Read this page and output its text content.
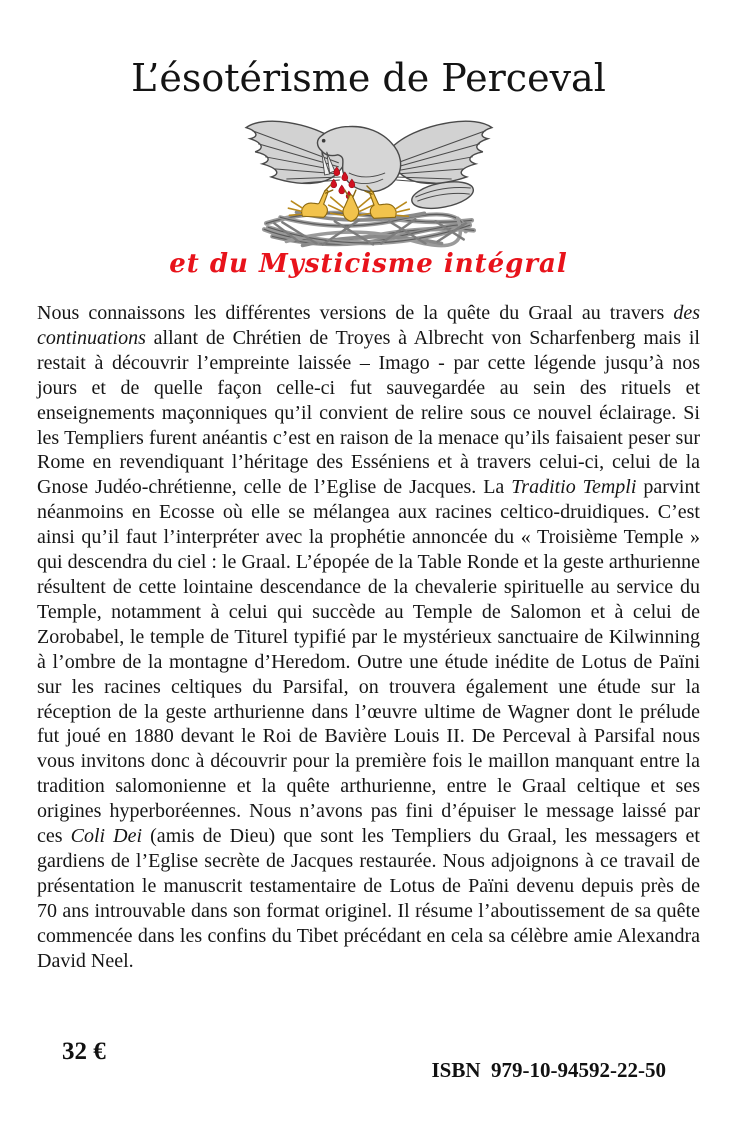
L’ésotérisme de Perceval

et du Mysticisme intégral

Nous connaissons les différentes versions de la quête du Graal au travers des continuations allant de Chrétien de Troyes à Albrecht von Scharfenberg mais il restait à découvrir l’empreinte laissée – Imago - par cette légende jusqu’à nos jours et de quelle façon celle-ci fut sauvegardée au sein des rituels et enseignements maçonniques qu’il convient de relire sous ce nouvel éclairage. Si les Templiers furent anéantis c’est en raison de la menace qu’ils faisaient peser sur Rome en revendiquant l’héritage des Esséniens et à travers celui-ci, celui de la Gnose Judéo-chrétienne, celle de l’Eglise de Jacques. La Traditio Templi parvint néanmoins en Ecosse où elle se mélangea aux racines celtico-druidiques. C’est ainsi qu’il faut l’interpréter avec la prophétie annoncée du « Troisième Temple » qui descendra du ciel : le Graal. L’épopée de la Table Ronde et la geste arthurienne résultent de cette lointaine descendance de la chevalerie spirituelle au service du Temple, notamment à celui qui succède au Temple de Salomon et à celui de Zorobabel, le temple de Titurel typifié par le mystérieux sanctuaire de Kilwinning à l’ombre de la montagne d’Heredom. Outre une étude inédite de Lotus de Païni sur les racines celtiques du Parsifal, on trouvera également une étude sur la réception de la geste arthurienne dans l’œuvre ultime de Wagner dont le prélude fut joué en 1880 devant le Roi de Bavière Louis II. De Perceval à Parsifal nous vous invitons donc à découvrir pour la première fois le maillon manquant entre la tradition salomonienne et la quête arthurienne, entre le Graal celtique et ses origines hyperboréennes. Nous n’avons pas fini d’épuiser le message laissé par ces Coli Dei (amis de Dieu) que sont les Templiers du Graal, les messagers et gardiens de l’Eglise secrète de Jacques restaurée. Nous adjoignons à ce travail de présentation le manuscrit testamentaire de Lotus de Païni devenu depuis près de 70 ans introuvable dans son format originel. Il résume l’aboutissement de sa quête commencée dans les confins du Tibet précédant en cela sa célèbre amie Alexandra David Neel.

32 €

ISBN  979-10-94592-22-50
